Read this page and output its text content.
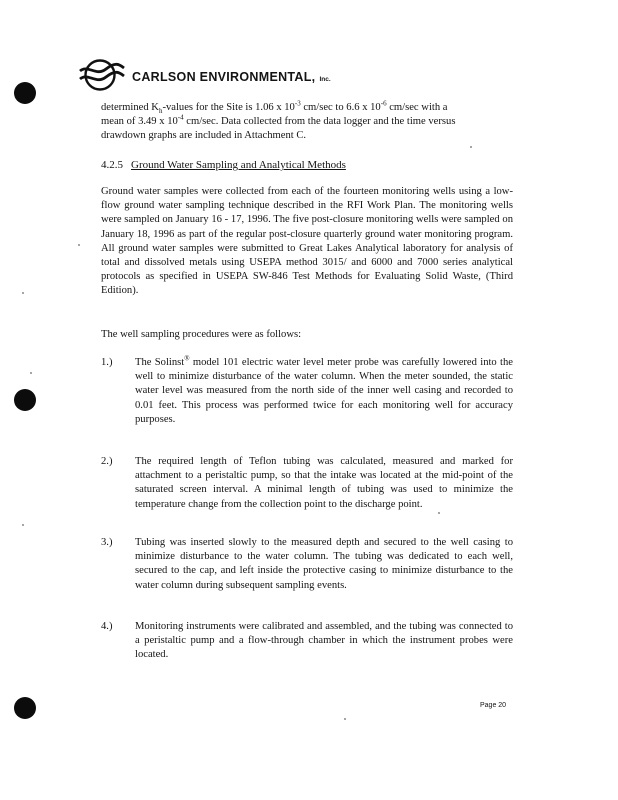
CARLSON ENVIRONMENTAL, Inc.
determined $K_h$-values for the Site is 1.06 x $10^{-3}$ cm/sec to 6.6 x $10^{-6}$ cm/sec with a
mean of 3.49 x $10^{-4}$ cm/sec. Data collected from the data logger and the time versus
drawdown graphs are included in Attachment C.
4.2.5 Ground Water Sampling and Analytical Methods
Ground water samples were collected from each of the fourteen monitoring wells using a low-flow ground water sampling technique described in the RFI Work Plan. The monitoring wells were sampled on January 16 - 17, 1996. The five post-closure monitoring wells were sampled on January 18, 1996 as part of the regular post-closure quarterly ground water monitoring program. All ground water samples were submitted to Great Lakes Analytical laboratory for analysis of total and dissolved metals using USEPA method 3015/ and 6000 and 7000 series analytical protocols as specified in USEPA SW-846 Test Methods for Evaluating Solid Waste, (Third Edition).
The well sampling procedures were as follows:
1.) The Solinst® model 101 electric water level meter probe was carefully lowered into the well to minimize disturbance of the water column. When the meter sounded, the static water level was measured from the north side of the inner well casing and recorded to 0.01 feet. This process was performed twice for each monitoring well for accuracy purposes.
2.) The required length of Teflon tubing was calculated, measured and marked for attachment to a peristaltic pump, so that the intake was located at the mid-point of the saturated screen interval. A minimal length of tubing was used to minimize the temperature change from the collection point to the discharge point.
3.) Tubing was inserted slowly to the measured depth and secured to the well casing to minimize disturbance to the water column. The tubing was dedicated to each well, secured to the cap, and left inside the protective casing to minimize disturbance to the water column during subsequent sampling events.
4.) Monitoring instruments were calibrated and assembled, and the tubing was connected to a peristaltic pump and a flow-through chamber in which the instrument probes were located.
Page 20
